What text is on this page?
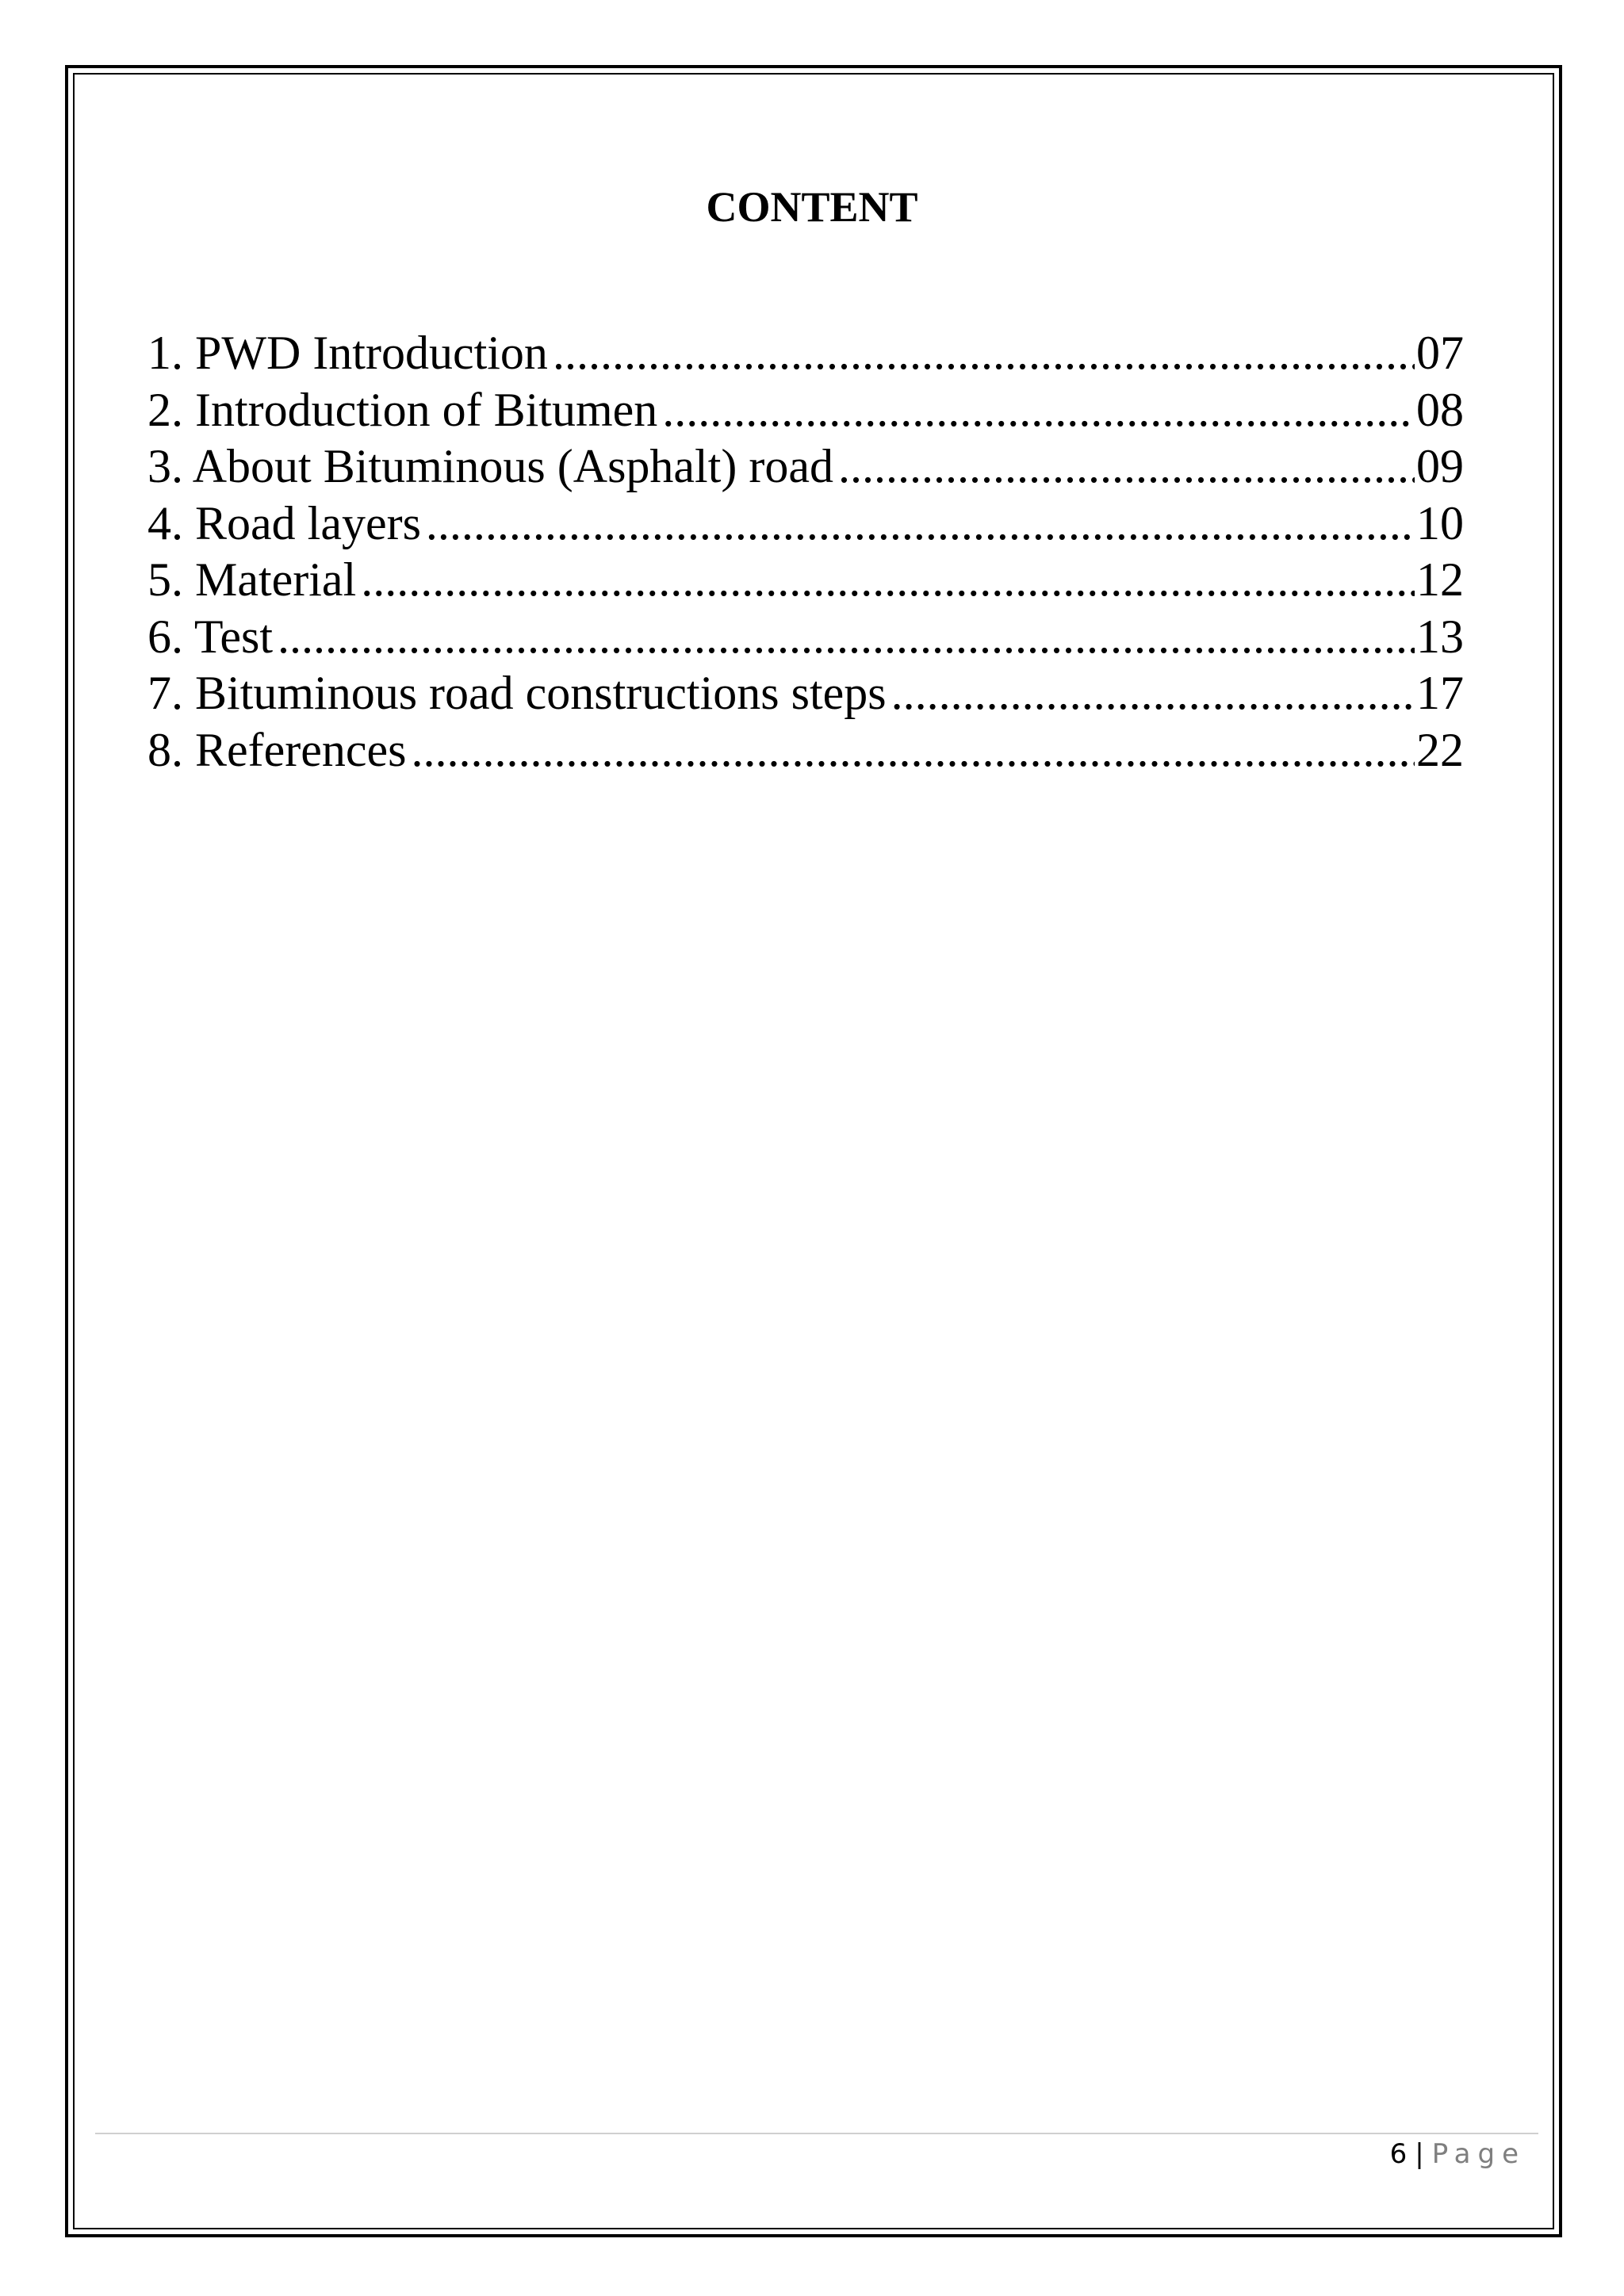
CONTENT
1. PWD Introduction .....	07
2. Introduction of Bitumen .....	08
3. About Bituminous (Asphalt) road .....	09
4. Road layers .....	10
5. Material .....	12
6. Test .....	13
7. Bituminous road constructions steps .....	17
8. References .....	22
6 | Page
